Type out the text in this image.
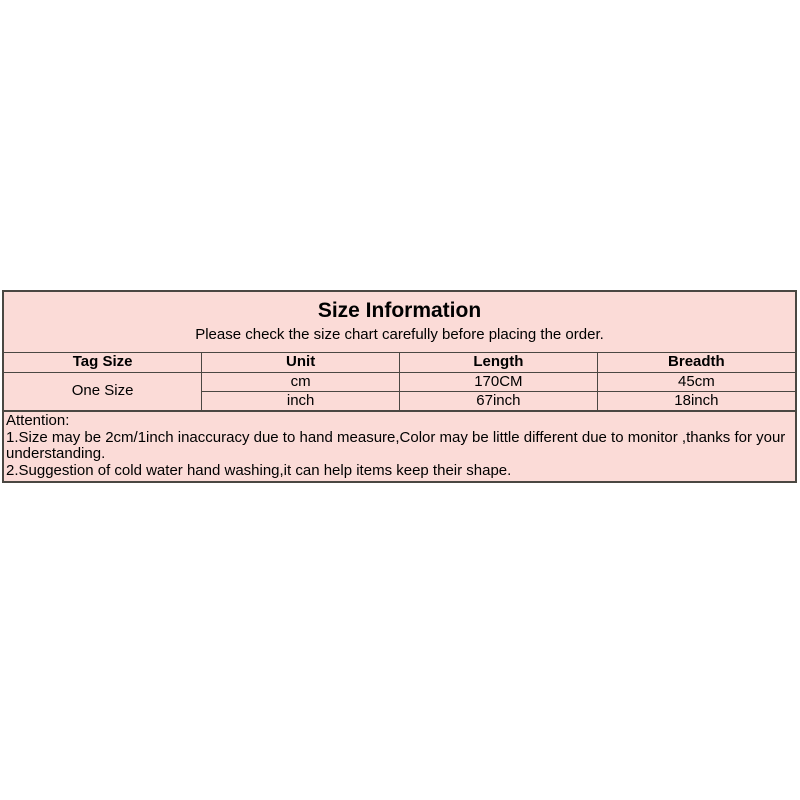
Size Information
Please check the size chart carefully before placing the order.
Tag Size	Unit	Length	Breadth
One Size	cm	170CM	45cm
	inch	67inch	18inch
Attention:
1.Size may be 2cm/1inch inaccuracy due to hand measure,Color may be little different due to monitor ,thanks for your
understanding.
2.Suggestion of cold water hand washing,it can help items keep their shape.
